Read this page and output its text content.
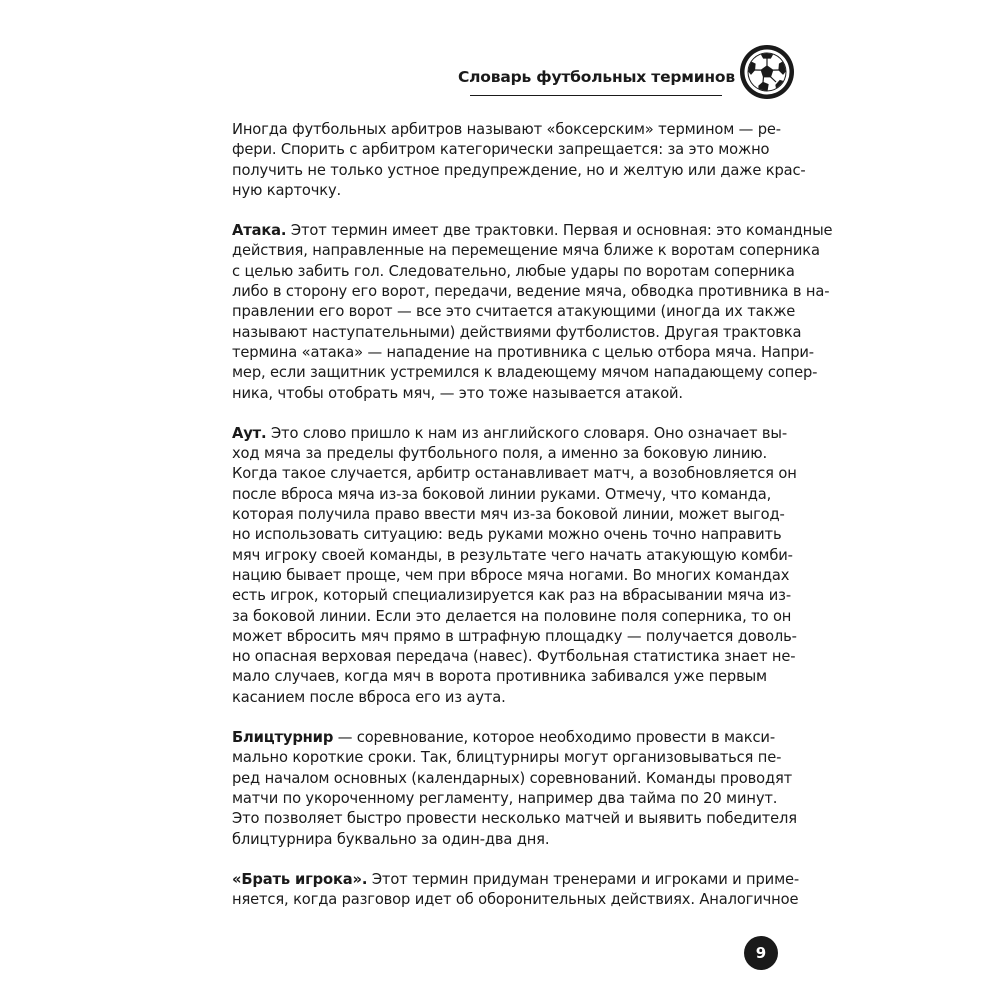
Словарь футбольных терминов
Иногда футбольных арбитров называют «боксерским» термином — ре-
фери. Спорить с арбитром категорически запрещается: за это можно
получить не только устное предупреждение, но и желтую или даже крас-
ную карточку.
Атака. Этот термин имеет две трактовки. Первая и основная: это командные
действия, направленные на перемещение мяча ближе к воротам соперника
с целью забить гол. Следовательно, любые удары по воротам соперника
либо в сторону его ворот, передачи, ведение мяча, обводка противника в на-
правлении его ворот — все это считается атакующими (иногда их также
называют наступательными) действиями футболистов. Другая трактовка
термина «атака» — нападение на противника с целью отбора мяча. Напри-
мер, если защитник устремился к владеющему мячом нападающему сопер-
ника, чтобы отобрать мяч, — это тоже называется атакой.
Аут. Это слово пришло к нам из английского словаря. Оно означает вы-
ход мяча за пределы футбольного поля, а именно за боковую линию.
Когда такое случается, арбитр останавливает матч, а возобновляется он
после вброса мяча из-за боковой линии руками. Отмечу, что команда,
которая получила право ввести мяч из-за боковой линии, может выгод-
но использовать ситуацию: ведь руками можно очень точно направить
мяч игроку своей команды, в результате чего начать атакующую комби-
нацию бывает проще, чем при вбросе мяча ногами. Во многих командах
есть игрок, который специализируется как раз на вбрасывании мяча из-
за боковой линии. Если это делается на половине поля соперника, то он
может вбросить мяч прямо в штрафную площадку — получается доволь-
но опасная верховая передача (навес). Футбольная статистика знает не-
мало случаев, когда мяч в ворота противника забивался уже первым
касанием после вброса его из аута.
Блицтурнир — соревнование, которое необходимо провести в макси-
мально короткие сроки. Так, блицтурниры могут организовываться пе-
ред началом основных (календарных) соревнований. Команды проводят
матчи по укороченному регламенту, например два тайма по 20 минут.
Это позволяет быстро провести несколько матчей и выявить победителя
блицтурнира буквально за один-два дня.
«Брать игрока». Этот термин придуман тренерами и игроками и приме-
няется, когда разговор идет об оборонительных действиях. Аналогичное
9
